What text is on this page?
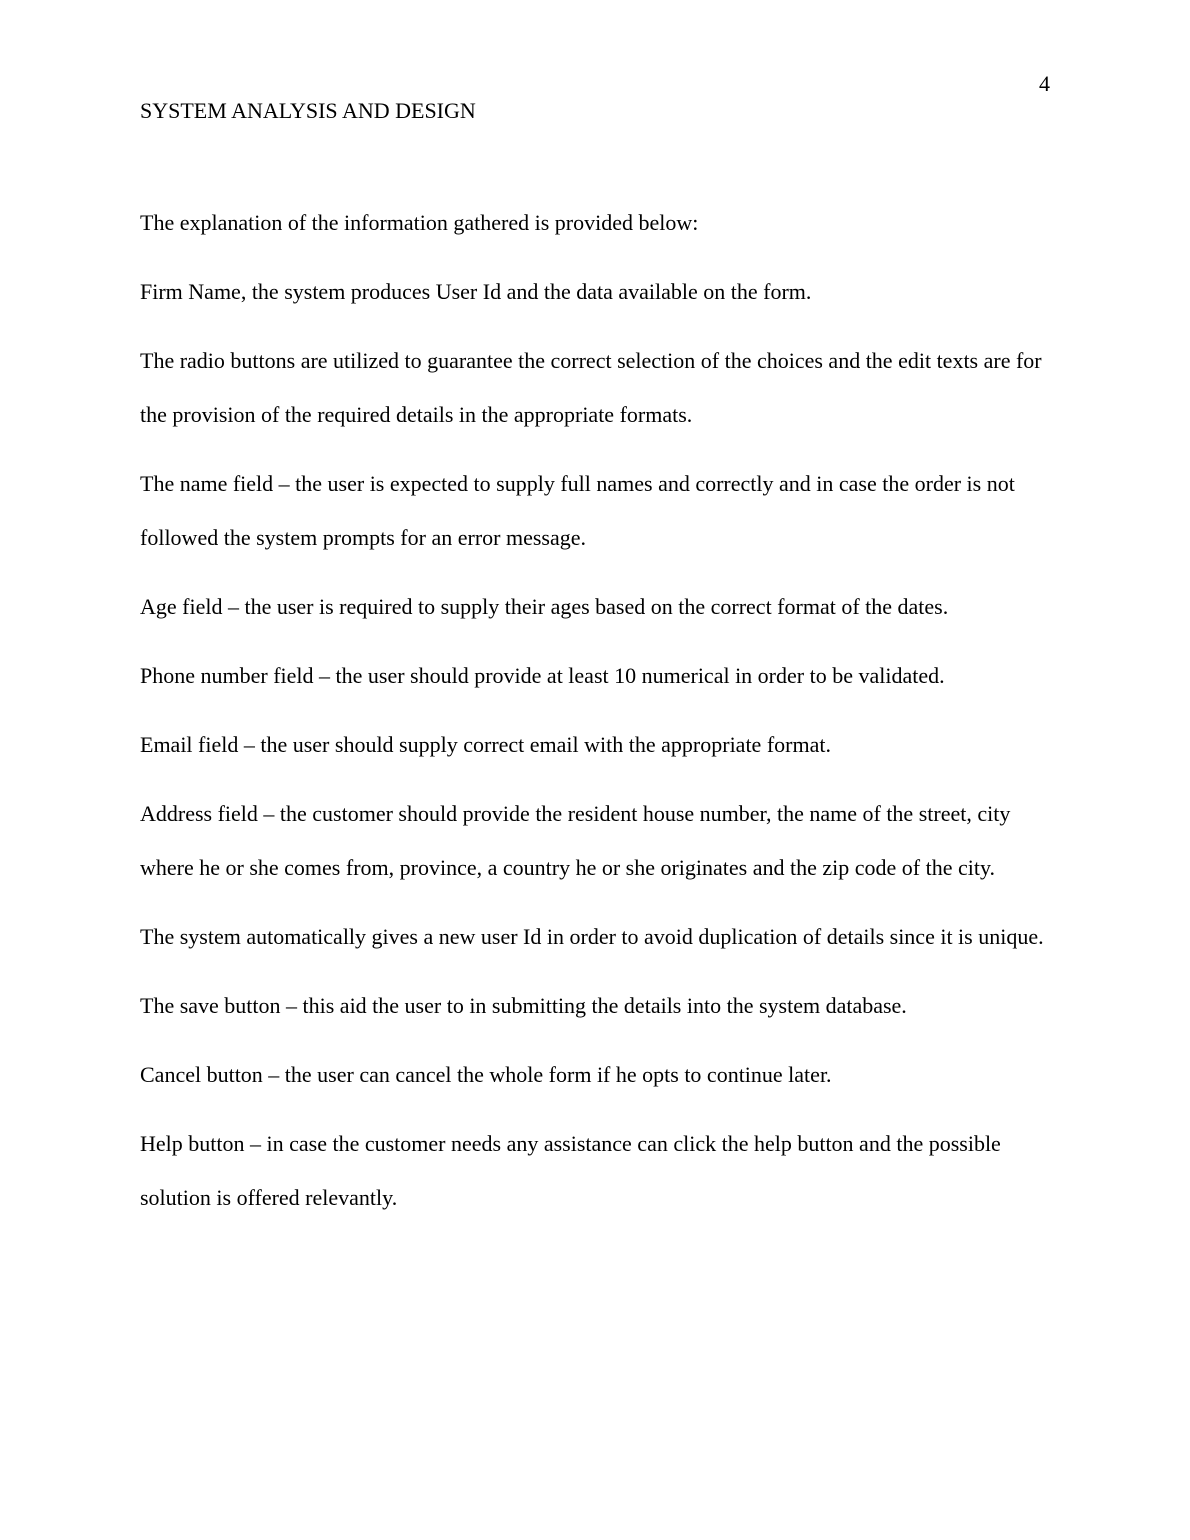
4
SYSTEM ANALYSIS AND DESIGN

The explanation of the information gathered is provided below:

Firm Name, the system produces User Id and the data available on the form.

The radio buttons are utilized to guarantee the correct selection of the choices and the edit texts are for the provision of the required details in the appropriate formats.

The name field – the user is expected to supply full names and correctly and in case the order is not followed the system prompts for an error message.

Age field – the user is required to supply their ages based on the correct format of the dates.

Phone number field – the user should provide at least 10 numerical in order to be validated.

Email field – the user should supply correct email with the appropriate format.

Address field – the customer should provide the resident house number, the name of the street, city where he or she comes from, province, a country he or she originates and the zip code of the city.

The system automatically gives a new user Id in order to avoid duplication of details since it is unique.

The save button – this aid the user to in submitting the details into the system database.

Cancel button – the user can cancel the whole form if he opts to continue later.

Help button – in case the customer needs any assistance can click the help button and the possible solution is offered relevantly.
